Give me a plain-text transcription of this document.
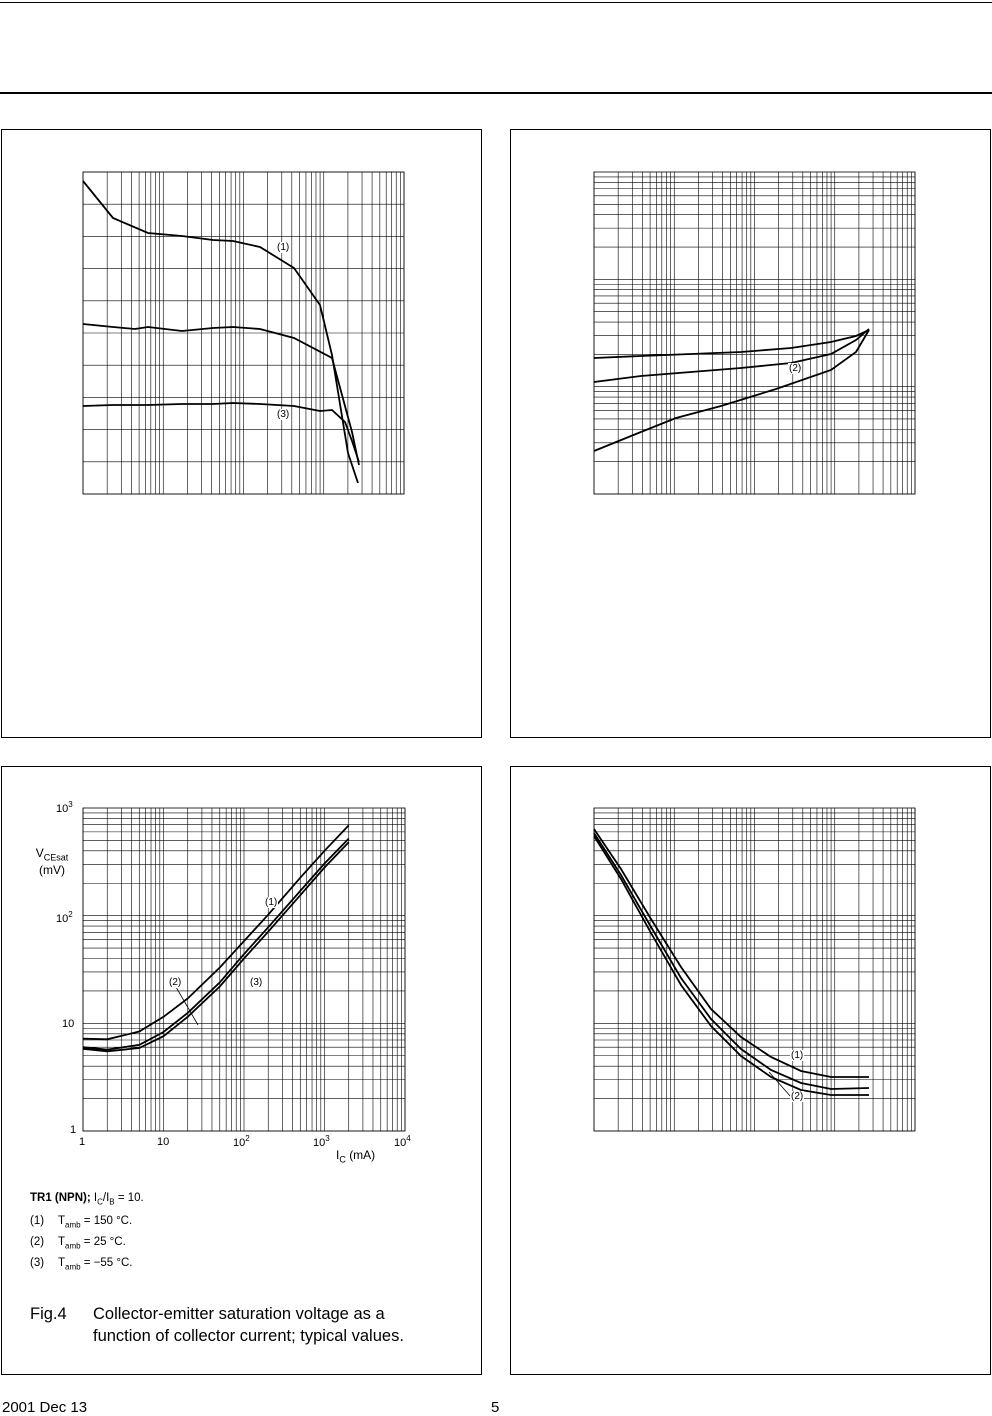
(1)
(3)
(2)
(1)
(2)	(3)
$10^3$
$10^2$
10
1
$V_{CEsat}$
(mV)
1	10	$10^2$	$10^3$	$10^4$
$I_C$ (mA)
TR1 (NPN); $I_C/I_B = 10$.
(1) $T_{amb} = 150$ °C.
(2) $T_{amb} = 25$ °C.
(3) $T_{amb} = -55$ °C.
Fig.4 Collector-emitter saturation voltage as a
function of collector current; typical values.
(1)
(2)
2001 Dec 13	5
